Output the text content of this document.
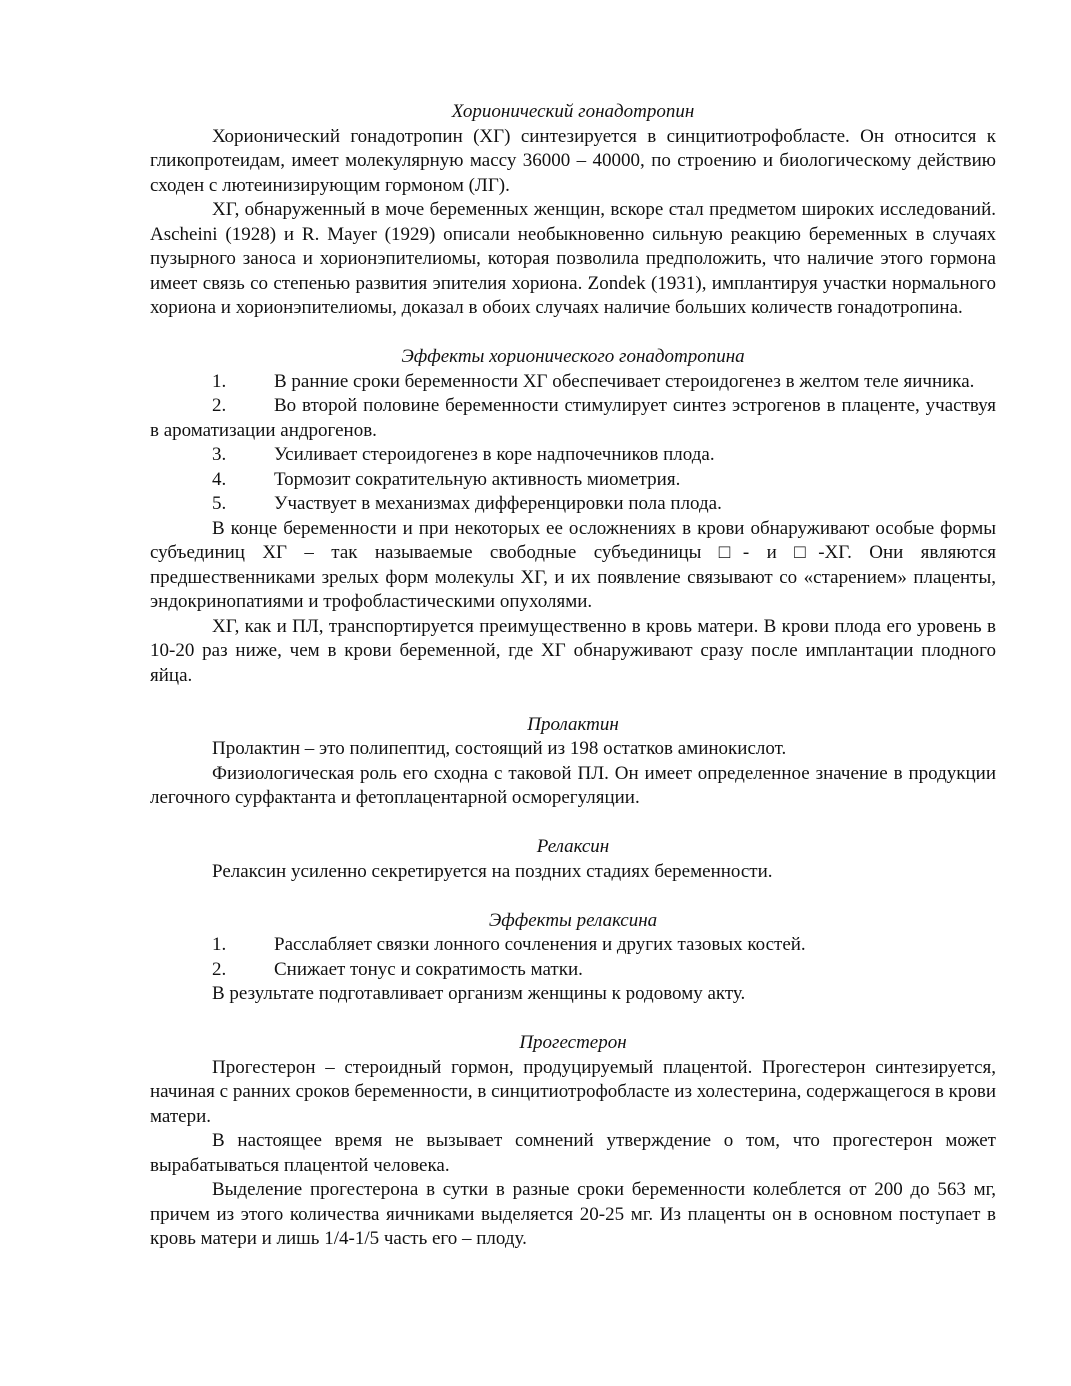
Хорионический гонадотропин

Хорионический гонадотропин (ХГ) синтезируется в синцитиотрофобласте. Он относится к гликопротеидам, имеет молекулярную массу 36000 – 40000, по строению и биологическому действию сходен с лютеинизирующим гормоном (ЛГ).

ХГ, обнаруженный в моче беременных женщин, вскоре стал предметом широких исследований. Ascheini (1928) и R. Mayer (1929) описали необыкновенно сильную реакцию беременных в случаях пузырного заноса и хорионэпителиомы, которая позволила предположить, что наличие этого гормона имеет связь со степенью развития эпителия хориона. Zondek (1931), имплантируя участки нормального хориона и хорионэпителиомы, доказал в обоих случаях наличие больших количеств гонадотропина.

Эффекты хорионического гонадотропина

1.	В ранние сроки беременности ХГ обеспечивает стероидогенез в желтом теле яичника.

2.	Во второй половине беременности стимулирует синтез эстрогенов в плаценте, участвуя в ароматизации андрогенов.

3.	Усиливает стероидогенез в коре надпочечников плода.

4.	Тормозит сократительную активность миометрия.

5.	Участвует в механизмах дифференцировки пола плода.

В конце беременности и при некоторых ее осложнениях в крови обнаруживают особые формы субъединиц ХГ – так называемые свободные субъединицы □- и □-ХГ. Они являются предшественниками зрелых форм молекулы ХГ, и их появление связывают со «старением» плаценты, эндокринопатиями и трофобластическими опухолями.

ХГ, как и ПЛ, транспортируется преимущественно в кровь матери. В крови плода его уровень в 10-20 раз ниже, чем в крови беременной, где ХГ обнаруживают сразу после имплантации плодного яйца.

Пролактин

Пролактин – это полипептид, состоящий из 198 остатков аминокислот.

Физиологическая роль его сходна с таковой ПЛ. Он имеет определенное значение в продукции легочного сурфактанта и фетоплацентарной осморегуляции.

Релаксин

Релаксин усиленно секретируется на поздних стадиях беременности.

Эффекты релаксина

1.	Расслабляет связки лонного сочленения и других тазовых костей.

2.	Снижает тонус и сократимость матки.

В результате подготавливает организм женщины к родовому акту.

Прогестерон

Прогестерон – стероидный гормон, продуцируемый плацентой. Прогестерон синтезируется, начиная с ранних сроков беременности, в синцитиотрофобласте из холестерина, содержащегося в крови матери.

В настоящее время не вызывает сомнений утверждение о том, что прогестерон может вырабатываться плацентой человека.

Выделение прогестерона в сутки в разные сроки беременности колеблется от 200 до 563 мг, причем из этого количества яичниками выделяется 20-25 мг. Из плаценты он в основном поступает в кровь матери и лишь 1/4-1/5 часть его – плоду.
